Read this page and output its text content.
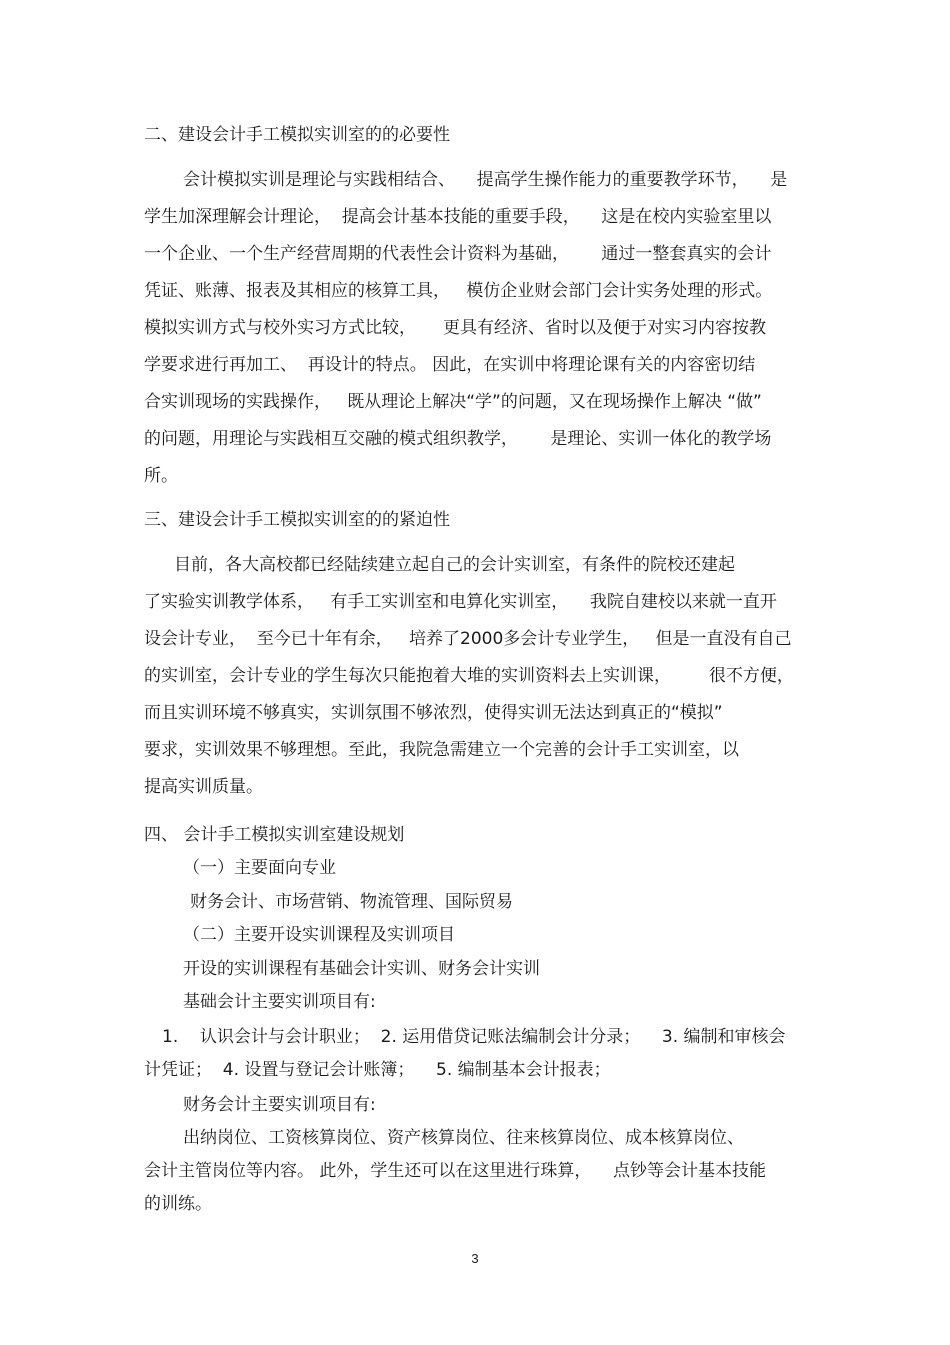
二、建设会计手工模拟实训室的的必要性
会计模拟实训是理论与实践相结合、    提高学生操作能力的重要教学环节，    是
学生加深理解会计理论，  提高会计基本技能的重要手段，    这是在校内实验室里以
一个企业、一个生产经营周期的代表性会计资料为基础，      通过一整套真实的会计
凭证、账薄、报表及其相应的核算工具，   模仿企业财会部门会计实务处理的形式。
模拟实训方式与校外实习方式比较，     更具有经济、省时以及便于对实习内容按教
学要求进行再加工、  再设计的特点。 因此，在实训中将理论课有关的内容密切结
合实训现场的实践操作，   既从理论上解决“学”的问题，又在现场操作上解决 “做”
的问题，用理论与实践相互交融的模式组织教学，      是理论、实训一体化的教学场
所。
三、建设会计手工模拟实训室的的紧迫性
目前，各大高校都已经陆续建立起自己的会计实训室，有条件的院校还建起
了实验实训教学体系，   有手工实训室和电算化实训室，    我院自建校以来就一直开
设会计专业，  至今已十年有余，   培养了2000多会计专业学生，   但是一直没有自己
的实训室，会计专业的学生每次只能抱着大堆的实训资料去上实训课，       很不方便，
而且实训环境不够真实，实训氛围不够浓烈，使得实训无法达到真正的“模拟”
要求，实训效果不够理想。至此，我院急需建立一个完善的会计手工实训室，以
提高实训质量。
四、 会计手工模拟实训室建设规划
（一）主要面向专业
财务会计、市场营销、物流管理、国际贸易
（二）主要开设实训课程及实训项目
开设的实训课程有基础会计实训、财务会计实训
基础会计主要实训项目有:
1.    认识会计与会计职业；  2. 运用借贷记账法编制会计分录；    3. 编制和审核会
计凭证；  4. 设置与登记会计账簿；    5. 编制基本会计报表；
财务会计主要实训项目有:
出纳岗位、工资核算岗位、资产核算岗位、往来核算岗位、成本核算岗位、
会计主管岗位等内容。 此外，学生还可以在这里进行珠算，    点钞等会计基本技能
的训练。
3
